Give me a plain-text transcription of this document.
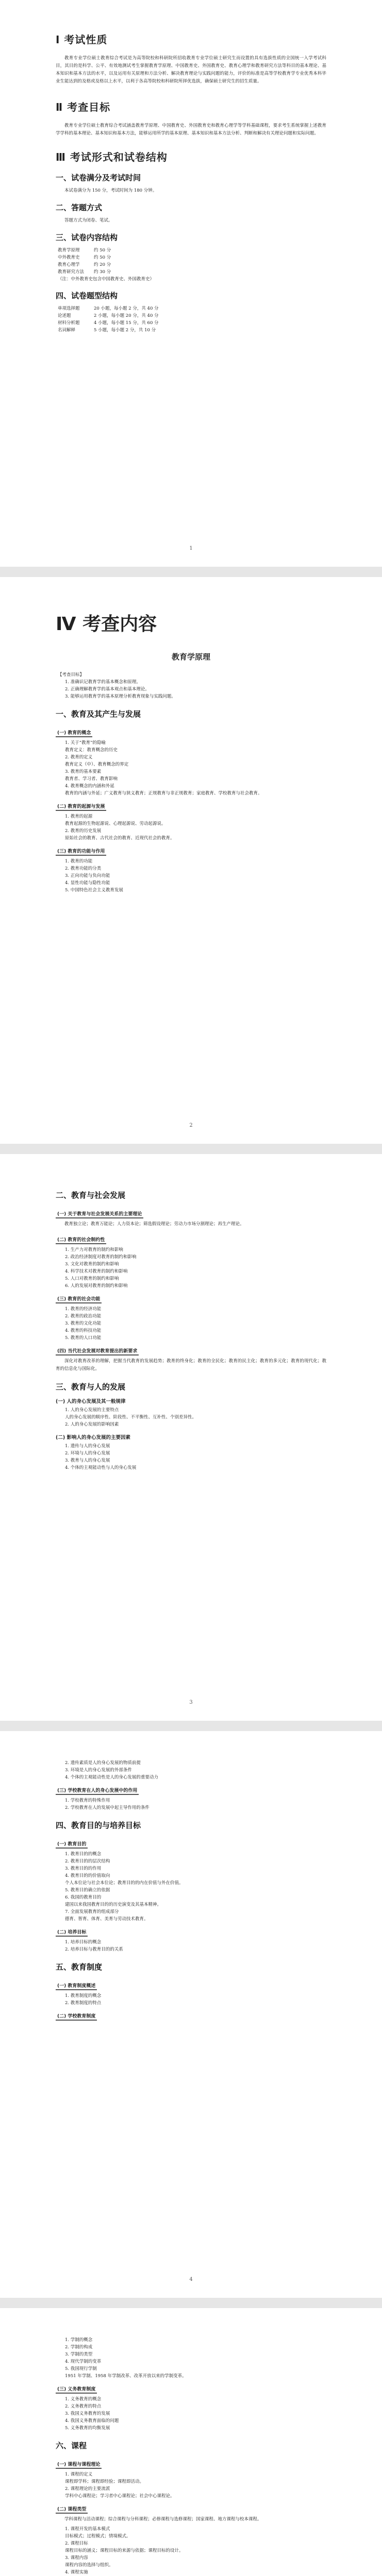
Ⅰ 考试性质

教育专业学位硕士教育综合考试是为高等院校和科研院所招收教育专业学位硕士研究生而设置的具有选拔性质的全国统一入学考试科目，其目的是科学、公平、有效地测试考生掌握教育学原理、中国教育史、外国教育史、教育心理学和教育研究方法等科目的基本理论、基本知识和基本方法的水平，以及运用有关原理和方法分析、解决教育理论与实践问题的能力，评价的标准是高等学校教育学专业优秀本科毕业生能达到的及格或及格以上水平，以利于各高等院校和科研院所择优选拔，确保硕士研究生的招生质量。

Ⅱ 考查目标

教育专业学位硕士教育综合考试涵盖教育学原理、中国教育史、外国教育史和教育心理学等学科基础课程，要求考生系统掌握上述教育学学科的基本理论、基本知识和基本方法，能够运用所学的基本原理、基本知识和基本方法分析、判断和解决有关理论问题和实际问题。

Ⅲ 考试形式和试卷结构
一、试卷满分及考试时间

本试卷满分为 150 分，考试时间为 180 分钟。

二、答题方式

答题方式为闭卷、笔试。

三、试卷内容结构
教育学原理	约 50 分
中外教育史	约 50 分
教育心理学	约 20 分
教育研究方法	约 30 分
（注：中外教育史包含中国教育史、外国教育史）
四、试卷题型结构
单项选择题	20 小题，每小题 2 分，共 40 分
论述题	2 小题，每小题 20 分，共 40 分
材料分析题	4 小题，每小题 15 分，共 60 分
名词解释	5 小题，每小题 2 分，共 10 分
1
Ⅳ 考查内容
教育学原理
【考查目标】
1. 准确识记教育学的基本概念和原理。
2. 正确理解教育学的基本观点和基本理论。
3. 能够运用教育学的基本原理分析教育现象与实践问题。
一、教育及其产生与发展
(一) 教育的概念
1. 关于“教育”的隐喻
教育定义：教育概念的历史
2. 教育的定义
教育定义（中）、教育概念的界定
3. 教育的基本要素
教育者、学习者、教育影响
4. 教育概念的内涵和外延
教育的内涵与外延；广义教育与狭义教育；正规教育与非正规教育；家庭教育、学校教育与社会教育。
(二) 教育的起源与发展
1. 教育的起源
教育起源的生物起源说、心理起源说、劳动起源说。
2. 教育的历史发展
原始社会的教育、古代社会的教育、近现代社会的教育。
(三) 教育的功能与作用
1. 教育的功能
2. 教育功能的分类
3. 正向功能与负向功能
4. 显性功能与隐性功能
5. 中国特色社会主义教育发展
2
二、教育与社会发展
(一) 关于教育与社会发展关系的主要理论

教育独立论；教育万能论；人力资本论；筛选假设理论；劳动力市场分割理论；再生产理论。

(二) 教育的社会制约性
1. 生产力对教育的制约和影响
2. 政治经济制度对教育的制约和影响
3. 文化对教育的制约和影响
4. 科学技术对教育的制约和影响
5. 人口对教育的制约和影响
6. 人的发展对教育的制约和影响
(三) 教育的社会功能
1. 教育的经济功能
2. 教育的政治功能
3. 教育的文化功能
4. 教育的科技功能
5. 教育的人口功能
(四) 当代社会发展对教育提出的新要求

深化对教育改革的理解，把握当代教育的发展趋势；教育的终身化；教育的全民化；教育的民主化；教育的多元化；教育的现代化；教育的信息化与国际化。

三、教育与人的发展
(一) 人的身心发展及其一般规律
1. 人的身心发展的主要特点
人的身心发展的顺序性、阶段性、不平衡性、互补性、个别差异性。
2. 人的身心发展的影响因素
(二) 影响人的身心发展的主要因素
1. 遗传与人的身心发展
2. 环境与人的身心发展
3. 教育与人的身心发展
4. 个体的主观能动性与人的身心发展
3
2. 遗传素质是人的身心发展的物质前提
3. 环境是人的身心发展的外部条件
4. 个体的主观能动性是人的身心发展的重要动力
(三) 学校教育在人的身心发展中的作用
1. 学校教育的特殊作用
2. 学校教育在人的发展中起主导作用的条件
四、教育目的与培养目标
(一) 教育目的
1. 教育目的的概念
2. 教育目的的层次结构
3. 教育目的的作用
4. 教育目的的价值取向
个人本位论与社会本位论；教育目的的内在价值与外在价值。
5. 教育目的确立的依据
6. 我国的教育目的
建国以来我国教育目的的历史演变及其基本精神。
7. 全面发展教育的组成部分
德育、智育、体育、美育与劳动技术教育。
(二) 培养目标
1. 培养目标的概念
2. 培养目标与教育目的的关系
五、教育制度
(一) 教育制度概述
1. 教育制度的概念
2. 教育制度的特点
(二) 学校教育制度
4
1. 学制的概念
2. 学制的构成
3. 学制的类型
4. 现代学制的变革
5. 我国现行学制
1951 年学制、1958 年学制改革、改革开放以来的学制变革。
(三) 义务教育制度
1. 义务教育的概念
2. 义务教育的特点
3. 我国义务教育的发展
4. 我国义务教育面临的问题
5. 义务教育的均衡发展
六、课程
(一) 课程与课程理论
1. 课程的定义
课程即学科；课程即经验；课程即活动。
2. 课程理论的主要流派
学科中心课程论；学习者中心课程论；社会中心课程论。
(二) 课程类型

学科课程与活动课程；综合课程与分科课程；必修课程与选修课程；国家课程、地方课程与校本课程。

1. 课程开发的基本模式
目标模式；过程模式；情境模式。
2. 课程目标
课程目标的涵义；课程目标的来源与依据；课程目标的设计。
3. 课程内容
课程内容的选择与组织。
4. 课程实施
